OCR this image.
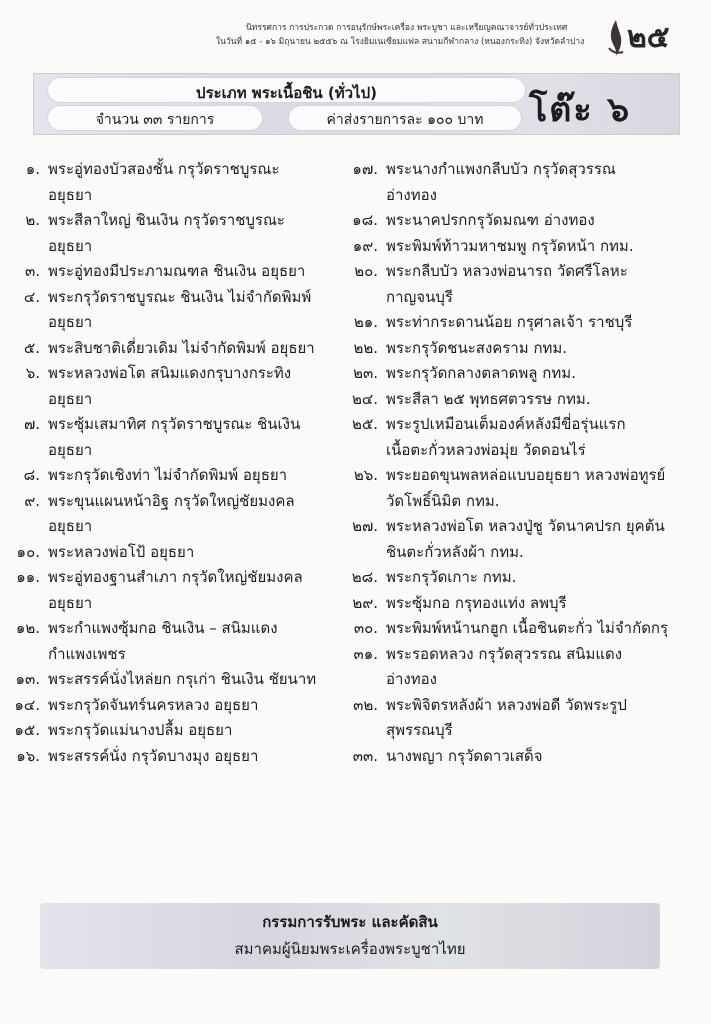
นิทรรศการ การประกวด การอนุรักษ์พระเครื่อง พระบูชา และเหรียญคณาจารย์ทั่วประเทศ
ในวันที่ ๑๕ - ๑๖ มิถุนายน ๒๕๕๖ ณ โรงยิมเนเซียมแฟล สนามกีฬากลาง (หนองกระทิง) จังหวัดลำปาง	๒๕
ประเภท พระเนื้อชิน (ทั่วไป)
จำนวน ๓๓ รายการ	ค่าส่งรายการละ ๑๐๐ บาท	โต๊ะ ๖
๑. พระอู่ทองบัวสองชั้น กรุวัดราชบูรณะ
อยุธยา
๒. พระสีลาใหญ่ ชินเงิน กรุวัดราชบูรณะ
อยุธยา
๓. พระอู่ทองมีประภามณฑล ชินเงิน อยุธยา
๔. พระกรุวัดราชบูรณะ ชินเงิน ไม่จำกัดพิมพ์
อยุธยา
๕. พระสิบชาติเดี่ยวเดิม ไม่จำกัดพิมพ์ อยุธยา
๖. พระหลวงพ่อโต สนิมแดงกรุบางกระทิง
อยุธยา
๗. พระซุ้มเสมาทิศ กรุวัดราชบูรณะ ชินเงิน
อยุธยา
๘. พระกรุวัดเชิงท่า ไม่จำกัดพิมพ์ อยุธยา
๙. พระขุนแผนหน้าอิฐ กรุวัดใหญ่ชัยมงคล
อยุธยา
๑๐. พระหลวงพ่อโป้ อยุธยา
๑๑. พระอู่ทองฐานสำเภา กรุวัดใหญ่ชัยมงคล
อยุธยา
๑๒. พระกำแพงซุ้มกอ ชินเงิน – สนิมแดง
กำแพงเพชร
๑๓. พระสรรค์นั่งไหล่ยก กรุเก่า ชินเงิน ชัยนาท
๑๔. พระกรุวัดจันทร์นครหลวง อยุธยา
๑๕. พระกรุวัดแม่นางปลื้ม อยุธยา
๑๖. พระสรรค์นั่ง กรุวัดบางมุง อยุธยา
๑๗. พระนางกำแพงกลีบบัว กรุวัดสุวรรณ
อ่างทอง
๑๘. พระนาคปรกกรุวัดมณฑ อ่างทอง
๑๙. พระพิมพ์ท้าวมหาชมพู กรุวัดหน้า กทม.
๒๐. พระกลีบบัว หลวงพ่อนารถ วัดศรีโลหะ
กาญจนบุรี
๒๑. พระท่ากระดานน้อย กรุศาลเจ้า ราชบุรี
๒๒. พระกรุวัดชนะสงคราม กทม.
๒๓. พระกรุวัดกลางตลาดพลู กทม.
๒๔. พระสีลา ๒๕ พุทธศตวรรษ กทม.
๒๕. พระรูปเหมือนเต็มองค์หลังมีขี่อรุ่นแรก
เนื้อตะกั่วหลวงพ่อมุ่ย วัดดอนไร่
๒๖. พระยอดขุนพลหล่อแบบอยุธยา หลวงพ่อทูรย์
วัดโพธิ์นิมิต กทม.
๒๗. พระหลวงพ่อโต หลวงปู่ชู วัดนาคปรก ยุคต้น
ชินตะกั่วหลังผ้า กทม.
๒๘. พระกรุวัดเกาะ กทม.
๒๙. พระซุ้มกอ กรุทองแท่ง ลพบุรี
๓๐. พระพิมพ์หน้านกฮูก เนื้อชินตะกั่ว ไม่จำกัดกรุ
๓๑. พระรอดหลวง กรุวัดสุวรรณ สนิมแดง
อ่างทอง
๓๒. พระพิจิตรหลังผ้า หลวงพ่อดี วัดพระรูป
สุพรรณบุรี
๓๓. นางพญา กรุวัดดาวเสด็จ
กรรมการรับพระ และคัดสิน
สมาคมผู้นิยมพระเครื่องพระบูชาไทย
